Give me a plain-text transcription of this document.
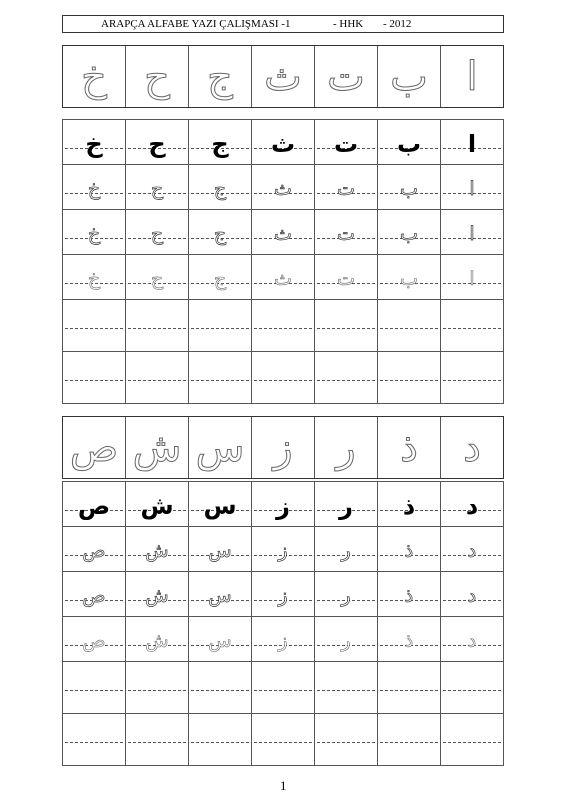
ARAPÇA ALFABE YAZI ÇALIŞMASI -1	- HHK - 2012
خ ح ج ث ت ب ا
خ	ح	ج	ث	ت	ب	ا

خ	ح	ج	ث	ت	ب	ا

خ	ح	ج	ث	ت	ب	ا

خ	ح	ج	ث	ت	ب	ا

ص ش س ز ر ذ د
ص	ش	س	ز	ر	ذ	د

ص	ش	س	ز	ر	ذ	د

ص	ش	س	ز	ر	ذ	د

ص	ش	س	ز	ر	ذ	د

1
